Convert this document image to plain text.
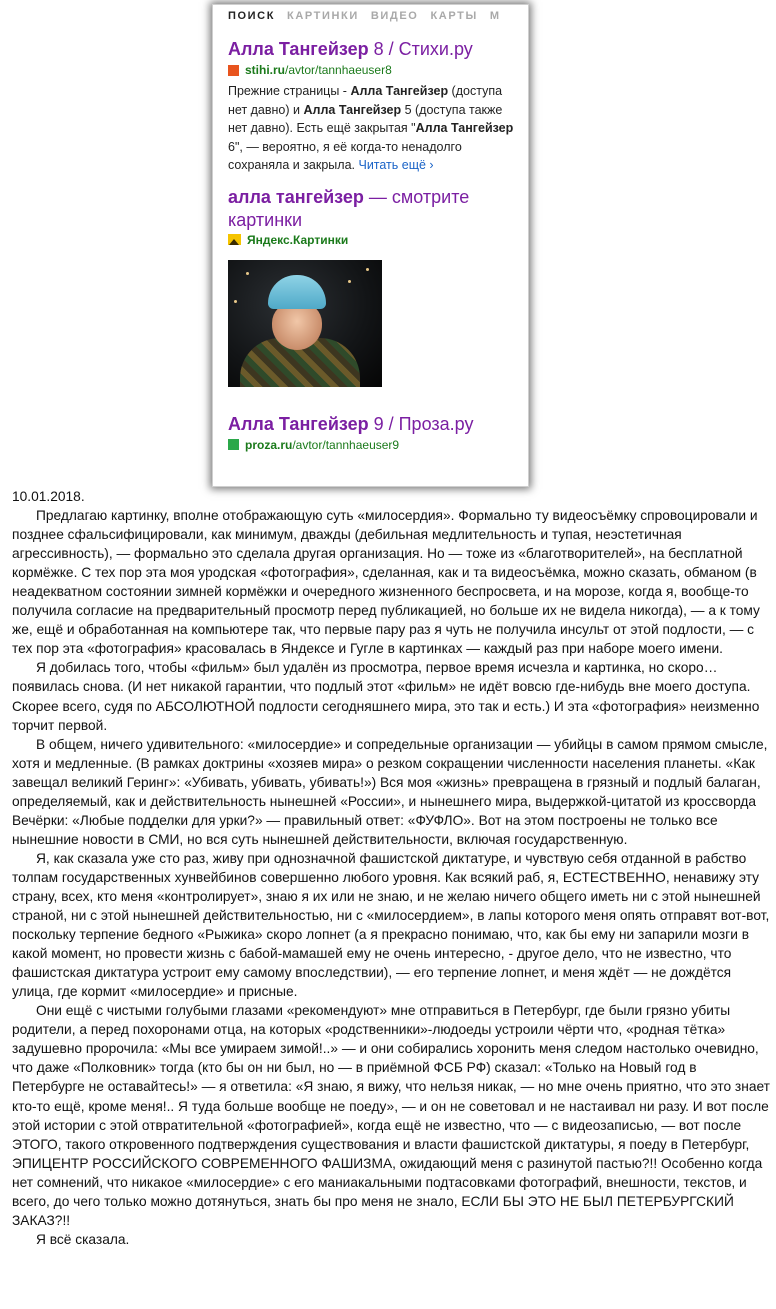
ПОИСК КАРТИНКИ ВИДЕО КАРТЫ М
Алла Тангейзер 8 / Стихи.ру
stihi.ru /avtor/tannhaeuser8
Прежние страницы - Алла Тангейзер (доступа нет давно) и Алла Тангейзер 5 (доступа также нет давно). Есть ещё закрытая "Алла Тангейзер 6", — вероятно, я её когда-то ненадолго сохраняла и закрыла. Читать ещё ›
алла тангейзер — смотрите картинки
Яндекс.Картинки
Алла Тангейзер 9 / Проза.ру
proza.ru /avtor/tannhaeuser9

10.01.2018.

Предлагаю картинку, вполне отображающую суть «милосердия». Формально ту видеосъёмку спровоцировали и позднее сфальсифицировали, как минимум, дважды (дебильная медлительность и тупая, неэстетичная агрессивность), — формально это сделала другая организация. Но — тоже из «благотворителей», на бесплатной кормёжке. С тех пор эта моя уродская «фотография», сделанная, как и та видеосъёмка, можно сказать, обманом (в неадекватном состоянии зимней кормёжки и очередного жизненного беспросвета, и на морозе, когда я, вообще-то получила согласие на предварительный просмотр перед публикацией, но больше их не видела никогда), — а к тому же, ещё и обработанная на компьютере так, что первые пару раз я чуть не получила инсульт от этой подлости, — с тех пор эта «фотография» красовалась в Яндексе и Гугле в картинках — каждый раз при наборе моего имени.

Я добилась того, чтобы «фильм» был удалён из просмотра, первое время исчезла и картинка, но скоро… появилась снова. (И нет никакой гарантии, что подлый этот «фильм» не идёт вовсю где-нибудь вне моего доступа. Скорее всего, судя по АБСОЛЮТНОЙ подлости сегодняшнего мира, это так и есть.) И эта «фотография» неизменно торчит первой.

В общем, ничего удивительного: «милосердие» и сопредельные организации — убийцы в самом прямом смысле, хотя и медленные. (В рамках доктрины «хозяев мира» о резком сокращении численности населения планеты. «Как завещал великий Геринг»: «Убивать, убивать, убивать!») Вся моя «жизнь» превращена в грязный и подлый балаган, определяемый, как и действительность нынешней «России», и нынешнего мира, выдержкой-цитатой из кроссворда Вечёрки: «Любые подделки для урки?» — правильный ответ: «ФУФЛО». Вот на этом построены не только все нынешние новости в СМИ, но вся суть нынешней действительности, включая государственную.

Я, как сказала уже сто раз, живу при однозначной фашистской диктатуре, и чувствую себя отданной в рабство толпам государственных хунвейбинов совершенно любого уровня. Как всякий раб, я, ЕСТЕСТВЕННО, ненавижу эту страну, всех, кто меня «контролирует», знаю я их или не знаю, и не желаю ничего общего иметь ни с этой нынешней страной, ни с этой нынешней действительностью, ни с «милосердием», в лапы которого меня опять отправят вот-вот, поскольку терпение бедного «Рыжика» скоро лопнет (а я прекрасно понимаю, что, как бы ему ни запарили мозги в какой момент, но провести жизнь с бабой-мамашей ему не очень интересно, - другое дело, что не известно, что фашистская диктатура устроит ему самому впоследствии), — его терпение лопнет, и меня ждёт — не дождётся улица, где кормит «милосердие» и присные.

Они ещё с чистыми голубыми глазами «рекомендуют» мне отправиться в Петербург, где были грязно убиты родители, а перед похоронами отца, на которых «родственники»-людоеды устроили чёрти что, «родная тётка» задушевно пророчила: «Мы все умираем зимой!..» — и они собирались хоронить меня следом настолько очевидно, что даже «Полковник» тогда (кто бы он ни был, но — в приёмной ФСБ РФ) сказал: «Только на Новый год в Петербурге не оставайтесь!» — я ответила: «Я знаю, я вижу, что нельзя никак, — но мне очень приятно, что это знает кто-то ещё, кроме меня!.. Я туда больше вообще не поеду», — и он не советовал и не настаивал ни разу. И вот после этой истории с этой отвратительной «фотографией», когда ещё не известно, что — с видеозаписью, — вот после ЭТОГО, такого откровенного подтверждения существования и власти фашистской диктатуры, я поеду в Петербург, ЭПИЦЕНТР РОССИЙСКОГО СОВРЕМЕННОГО ФАШИЗМА, ожидающий меня с разинутой пастью?!! Особенно когда нет сомнений, что никакое «милосердие» с его маниакальными подтасовками фотографий, внешности, текстов, и всего, до чего только можно дотянуться, знать бы про меня не знало, ЕСЛИ БЫ ЭТО НЕ БЫЛ ПЕТЕРБУРГСКИЙ ЗАКАЗ?!!

Я всё сказала.
